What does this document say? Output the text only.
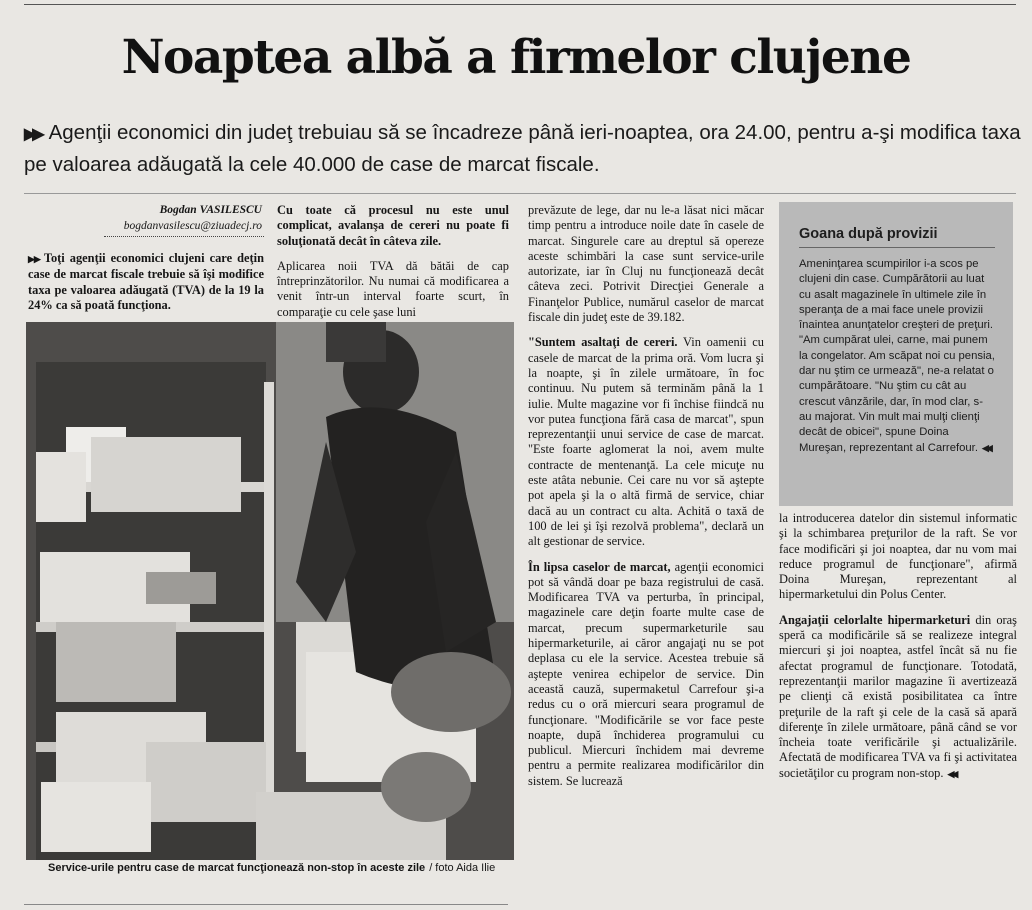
Noaptea albă a firmelor clujene
▶▶ Agenţii economici din judeţ trebuiau să se încadreze până ieri-noaptea, ora 24.00, pentru a-şi modifica taxa pe valoarea adăugată la cele 40.000 de case de marcat fiscale.
Bogdan VASILESCU
bogdanvasilescu@ziuadecj.ro

▶▶ Toţi agenţii economici clujeni care deţin case de marcat fiscale trebuie să îşi modifice taxa pe valoarea adăugată (TVA) de la 19 la 24% ca să poată funcţiona.

Cu toate că procesul nu este unul complicat, avalanşa de cereri nu poate fi soluţionată decât în câteva zile.

Aplicarea noii TVA dă bătăi de cap întreprinzătorilor. Nu numai că modificarea a venit într-un interval foarte scurt, în comparaţie cu cele şase luni

Service-urile pentru case de marcat funcţionează non-stop în aceste zile / foto Aida Ilie

prevăzute de lege, dar nu le-a lăsat nici măcar timp pentru a introduce noile date în casele de marcat. Singurele care au dreptul să opereze aceste schimbări la case sunt service-urile autorizate, iar în Cluj nu funcţionează decât câteva zeci. Potrivit Direcţiei Generale a Finanţelor Publice, numărul caselor de marcat fiscale din judeţ este de 39.182.

"Suntem asaltaţi de cereri. Vin oamenii cu casele de marcat de la prima oră. Vom lucra şi la noapte, şi în zilele următoare, în foc continuu. Nu putem să terminăm până la 1 iulie. Multe magazine vor fi închise fiindcă nu vor putea funcţiona fără casa de marcat", spun reprezentanţii unui service de case de marcat. "Este foarte aglomerat la noi, avem multe contracte de mentenanţă. La cele micuţe nu este atâta nebunie. Cei care nu vor să aştepte pot apela şi la o altă firmă de service, chiar dacă au un contract cu alta. Achită o taxă de 100 de lei şi îşi rezolvă problema", declară un alt gestionar de service.

În lipsa caselor de marcat, agenţii economici pot să vândă doar pe baza registrului de casă. Modificarea TVA va perturba, în principal, magazinele care deţin foarte multe case de marcat, precum supermarketurile sau hipermarketurile, ai căror angajaţi nu se pot deplasa cu ele la service. Acestea trebuie să aştepte venirea echipelor de service. Din această cauză, supermaketul Carrefour şi-a redus cu o oră miercuri seara programul de funcţionare. "Modificările se vor face peste noapte, după închiderea programului cu publicul. Miercuri închidem mai devreme pentru a permite realizarea modificărilor din sistem. Se lucrează

Goana după provizii
Ameninţarea scumpirilor i-a scos pe clujeni din case. Cumpărătorii au luat cu asalt magazinele în ultimele zile în speranţa de a mai face unele provizii înaintea anunţatelor creşteri de preţuri. "Am cumpărat ulei, carne, mai punem la congelator. Am scăpat noi cu pensia, dar nu ştim ce urmează", ne-a relatat o cumpărătoare. "Nu ştim cu cât au crescut vânzările, dar, în mod clar, s-au majorat. Vin mult mai mulţi clienţi decât de obicei", spune Doina Mureşan, reprezentant al Carrefour. ◀◀

la introducerea datelor din sistemul informatic şi la schimbarea preţurilor de la raft. Se vor face modificări şi joi noaptea, dar nu vom mai reduce programul de funcţionare", afirmă Doina Mureşan, reprezentant al hipermarketului din Polus Center.

Angajaţii celorlalte hipermarketuri din oraş speră ca modificările să se realizeze integral miercuri şi joi noaptea, astfel încât să nu fie afectat programul de funcţionare. Totodată, reprezentanţii marilor magazine îi avertizează pe clienţi că există posibilitatea ca între preţurile de la raft şi cele de la casă să apară diferenţe în zilele următoare, până când se vor încheia toate verificările şi actualizările. Afectată de modificarea TVA va fi şi activitatea societăţilor cu program non-stop. ◀◀
